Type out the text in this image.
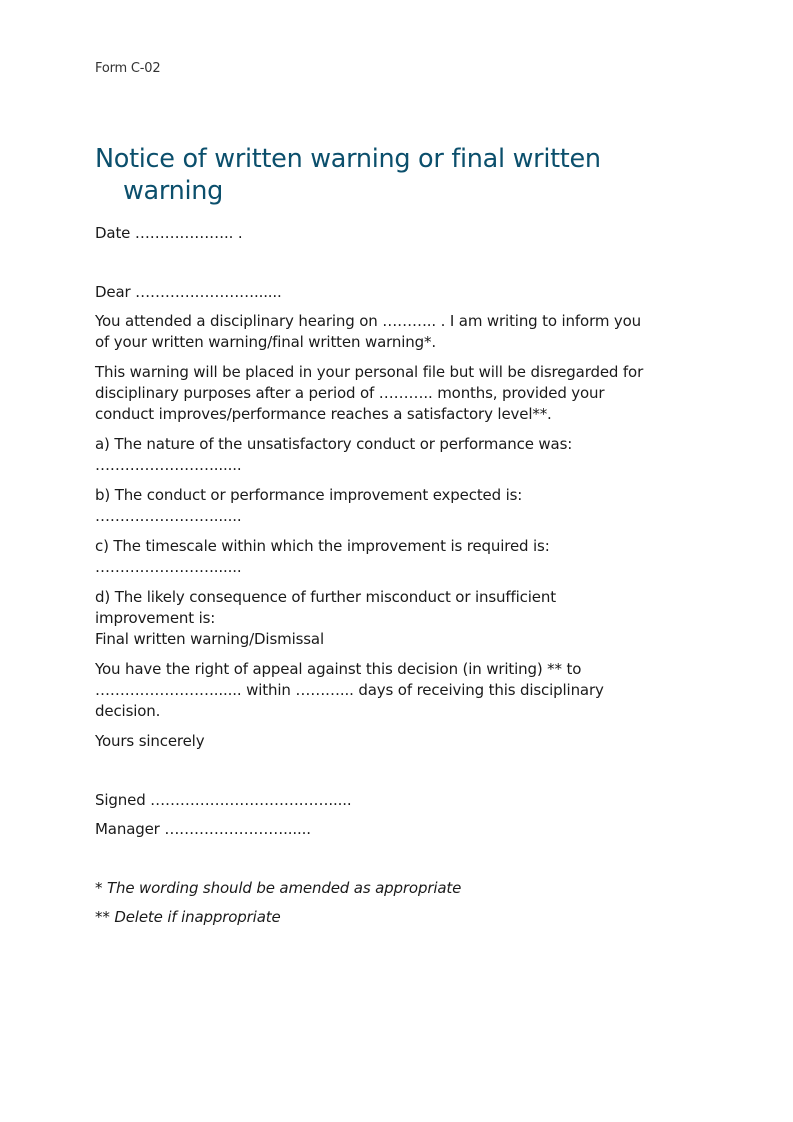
Form C-02
Notice of written warning or final written
warning
Date ……………….. .
Dear ……………………......
You attended a disciplinary hearing on ……….. . I am writing to inform you
of your written warning/final written warning*.
This warning will be placed in your personal file but will be disregarded for
disciplinary purposes after a period of ……….. months, provided your
conduct improves/performance reaches a satisfactory level**.
a) The nature of the unsatisfactory conduct or performance was:
……………………......
b) The conduct or performance improvement expected is:
……………………......
c) The timescale within which the improvement is required is:
……………………......
d) The likely consequence of further misconduct or insufficient
improvement is:
Final written warning/Dismissal
You have the right of appeal against this decision (in writing) ** to
……………………...... within ………... days of receiving this disciplinary
decision.
Yours sincerely
Signed ……………………………….....
Manager ……………………......
* The wording should be amended as appropriate
** Delete if inappropriate
